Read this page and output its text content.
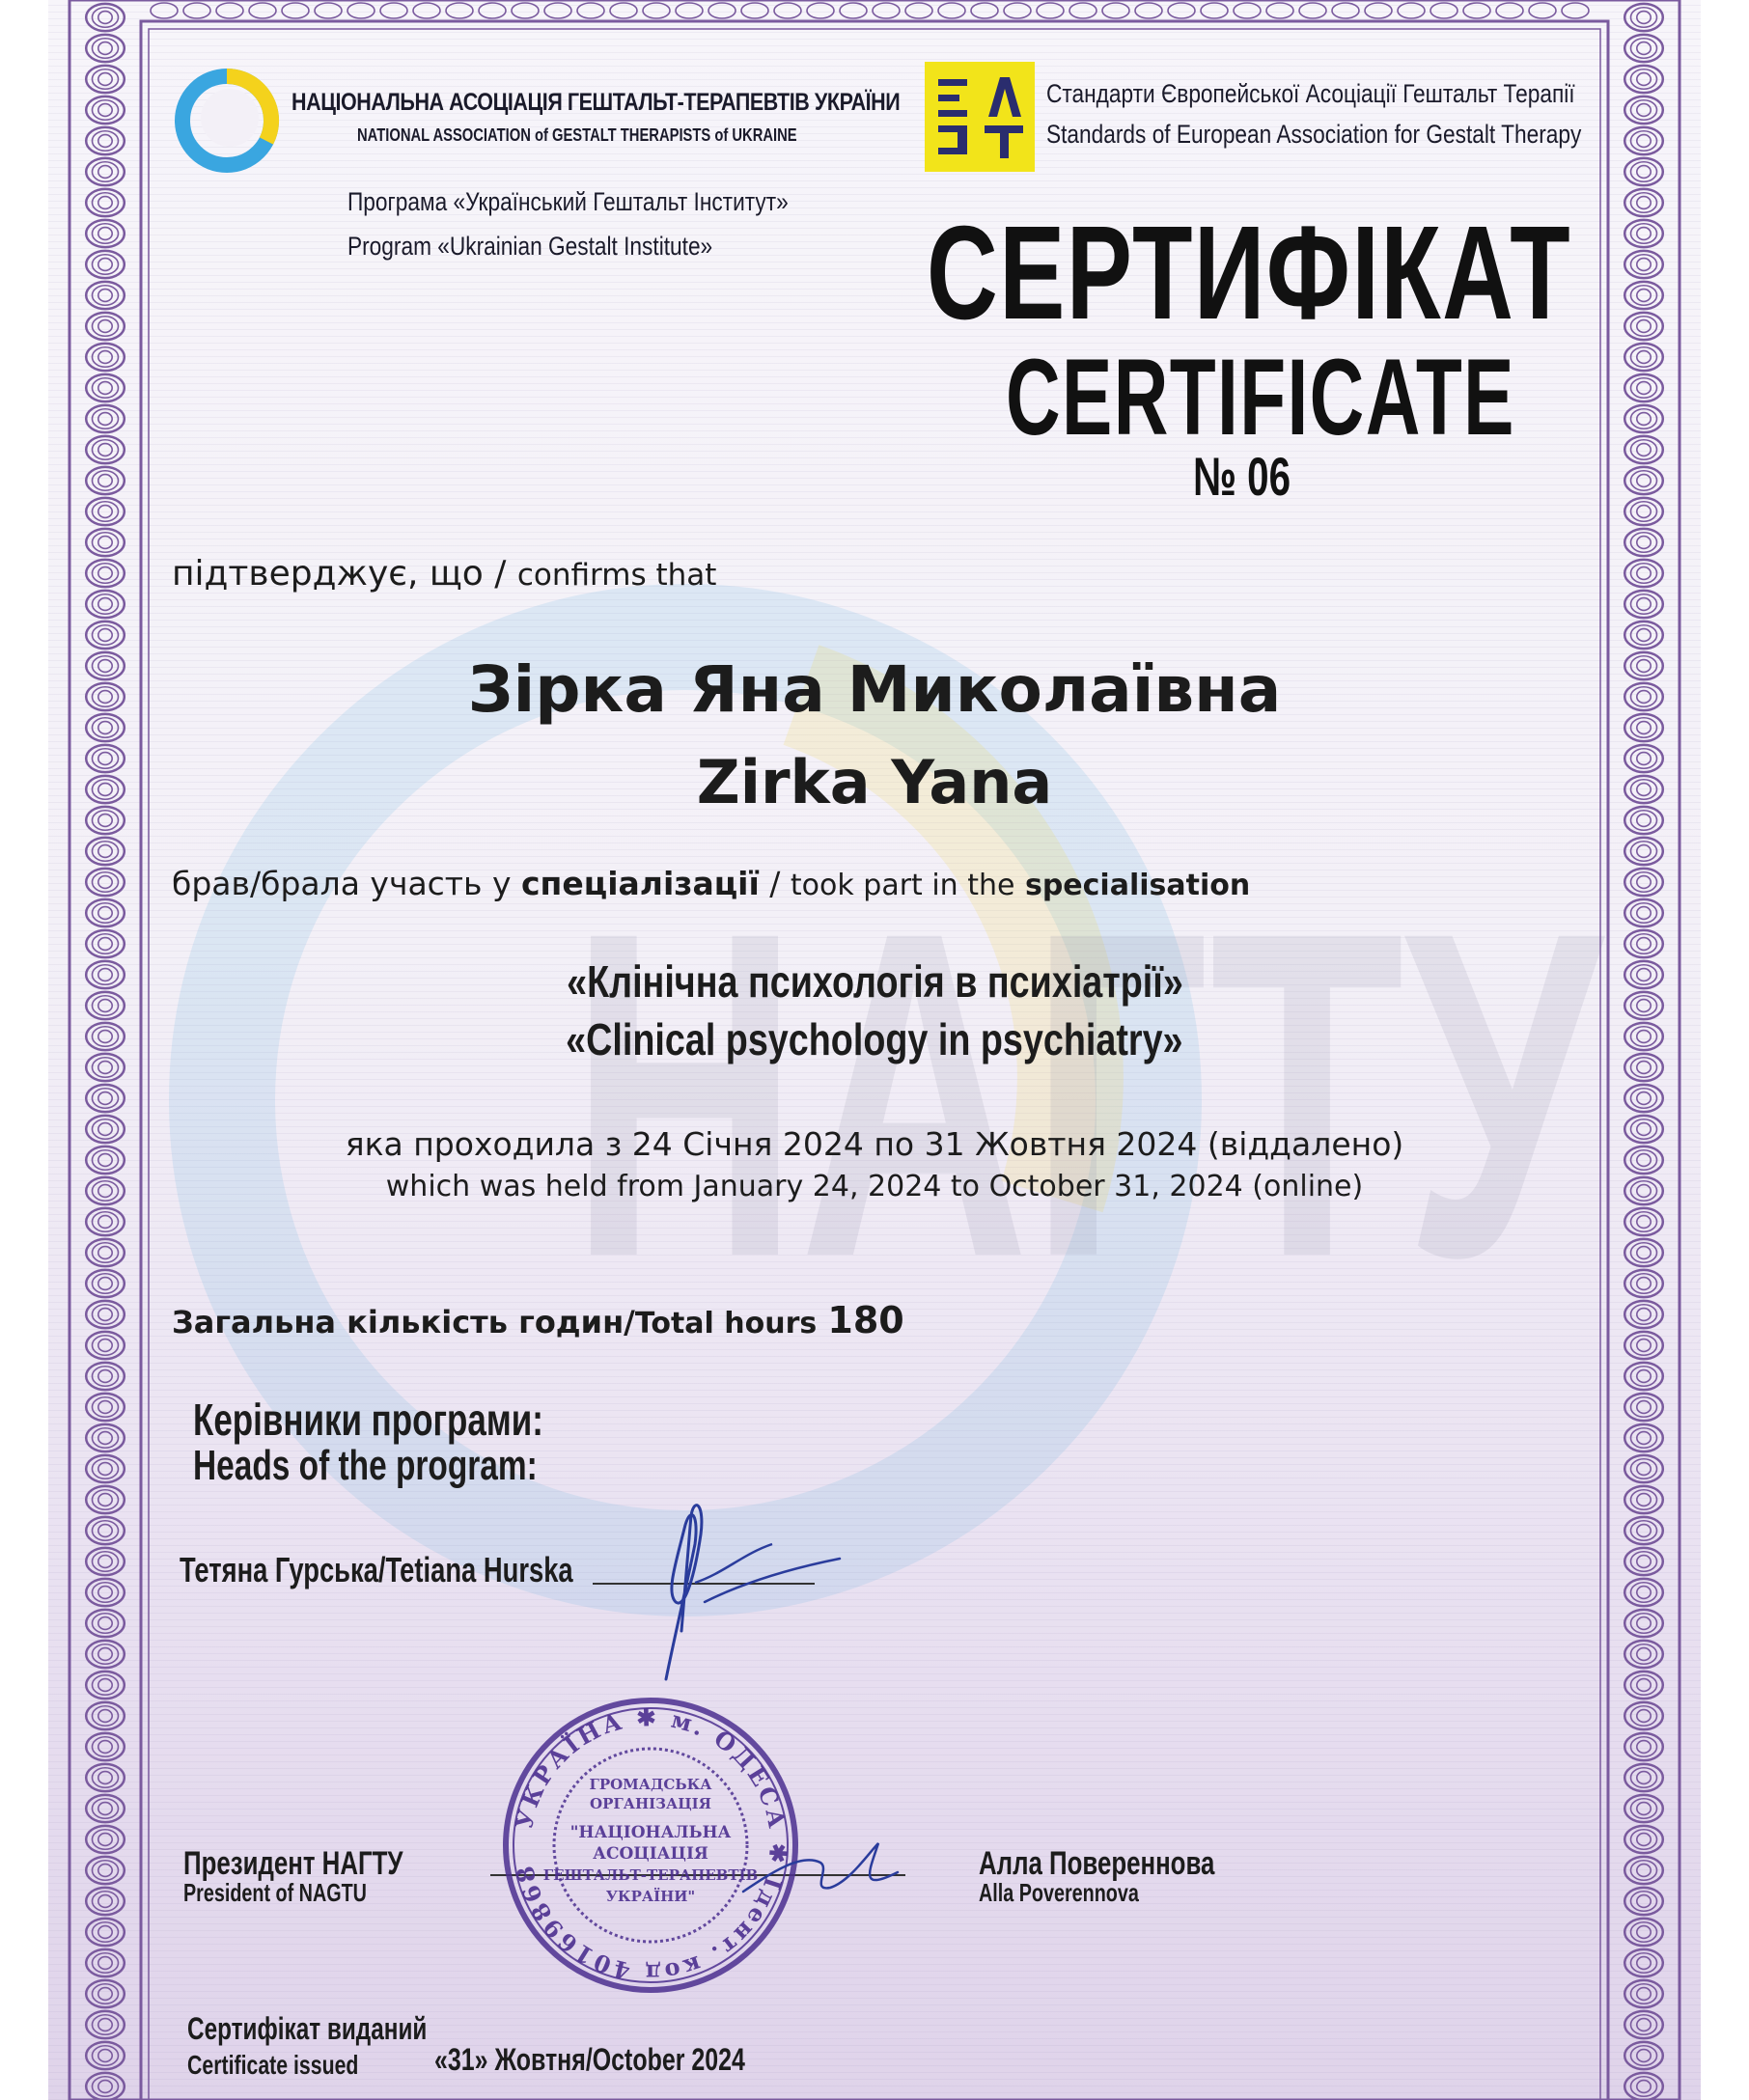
НАГТУ
НАЦІОНАЛЬНА АСОЦІАЦІЯ ГЕШТАЛЬТ-ТЕРАПЕВТІВ УКРАЇНИ
NATIONAL ASSOCIATION of GESTALT THERAPISTS of UKRAINE
Програма «Український Гештальт Інститут»
Program «Ukrainian Gestalt Institute»
Стандарти Європейської Асоціації Гештальт Терапії
Standards of European Association for Gestalt Therapy
СЕРТИФІКАТ
CERTIFICATE
№ 06
підтверджує, що / confirms that
Зірка Яна Миколаївна
Zirka Yana
брав/брала участь у спеціалізації / took part in the specialisation
«Клінічна психологія в психіатрії»
«Clinical psychology in psychiatry»
яка проходила з 24 Січня 2024 по 31 Жовтня 2024 (віддалено)
which was held from January 24, 2024 to October 31, 2024 (online)
Загальна кількість годин/Total hours 180
Керівники програми:
Heads of the program:
Тетяна Гурська/Tetiana Hurska
Президент НАГТУ
President of NAGTU
УКРАЇНА ✱ м. ОДЕСА ✱ Ідент. код 40169868
ГРОМАДСЬКА
ОРГАНІЗАЦІЯ
"НАЦІОНАЛЬНА
АСОЦІАЦІЯ
ГЕШТАЛЬТ-ТЕРАПЕВТІВ
УКРАЇНИ"
Алла Повереннова
Alla Poverennova
Сертифікат виданий
Certificate issued «31» Жовтня/October 2024
